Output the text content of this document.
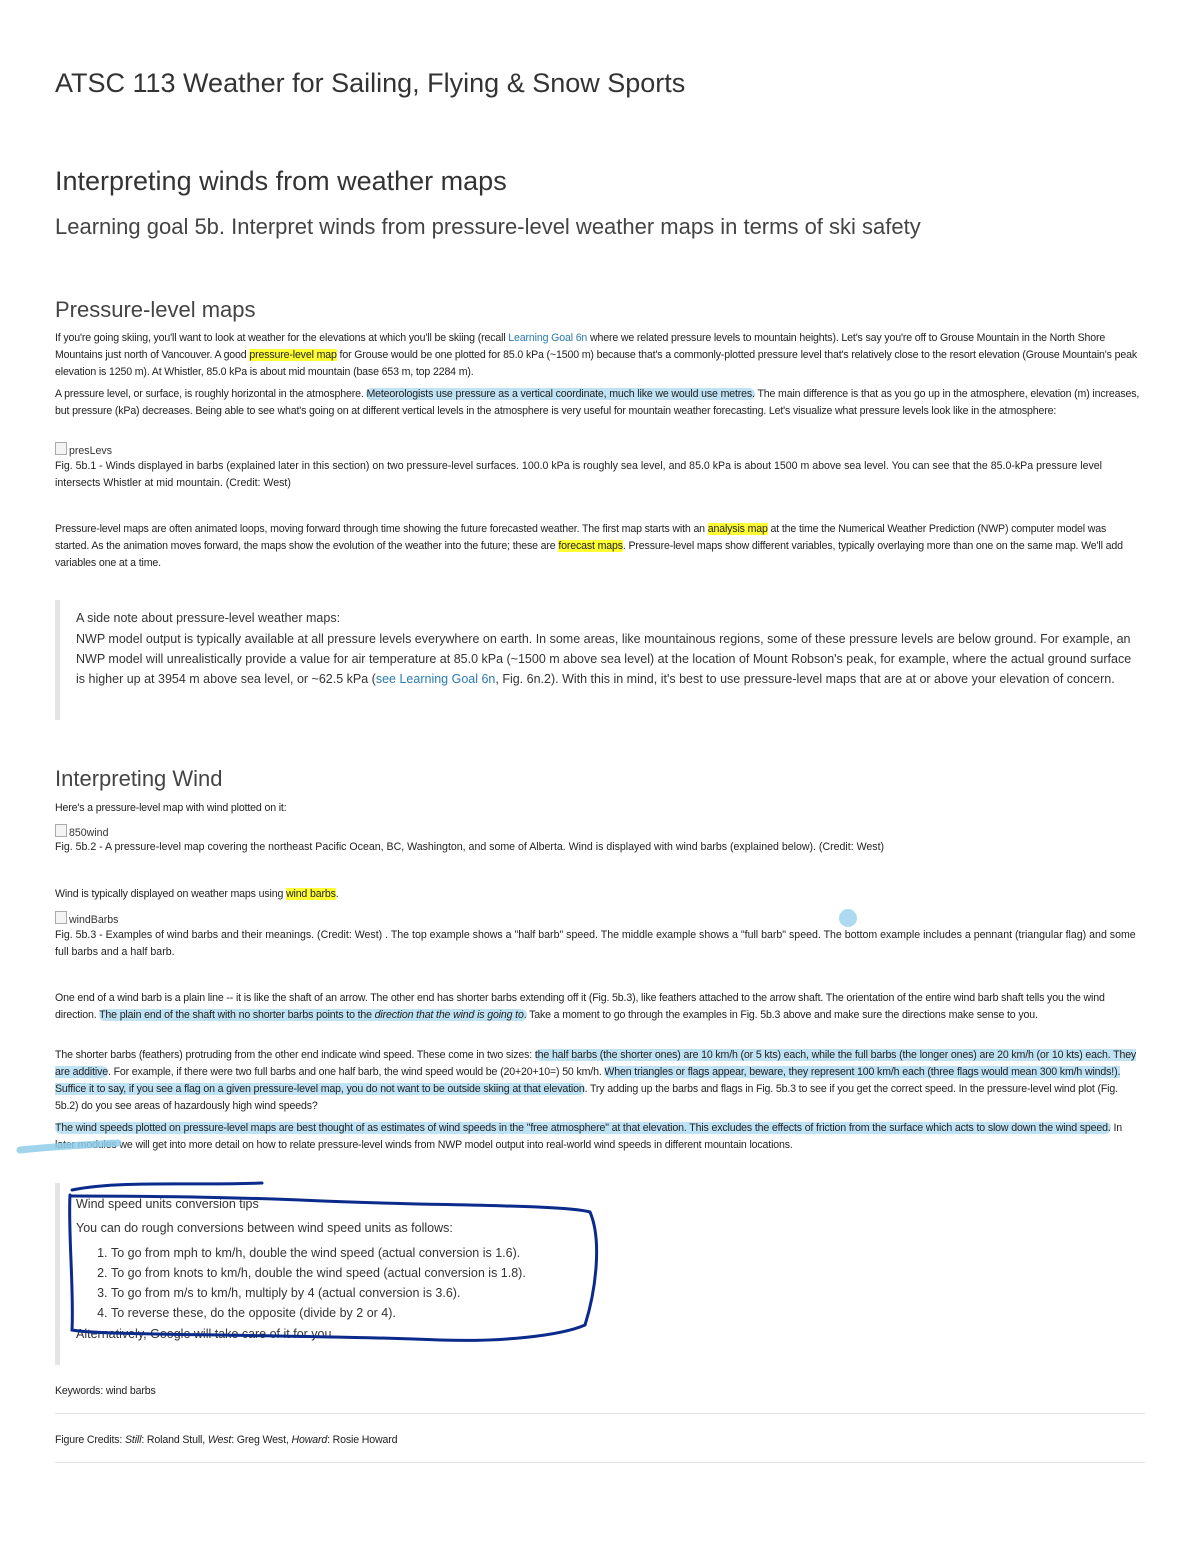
ATSC 113 Weather for Sailing, Flying & Snow Sports
Interpreting winds from weather maps
Learning goal 5b. Interpret winds from pressure-level weather maps in terms of ski safety
Pressure-level maps

If you're going skiing, you'll want to look at weather for the elevations at which you'll be skiing (recall Learning Goal 6n where we related pressure levels to mountain heights). Let's say you're off to Grouse Mountain in the North Shore Mountains just north of Vancouver. A good pressure-level map for Grouse would be one plotted for 85.0 kPa (~1500 m) because that's a commonly-plotted pressure level that's relatively close to the resort elevation (Grouse Mountain's peak elevation is 1250 m). At Whistler, 85.0 kPa is about mid mountain (base 653 m, top 2284 m).

A pressure level, or surface, is roughly horizontal in the atmosphere. Meteorologists use pressure as a vertical coordinate, much like we would use metres. The main difference is that as you go up in the atmosphere, elevation (m) increases, but pressure (kPa) decreases. Being able to see what's going on at different vertical levels in the atmosphere is very useful for mountain weather forecasting. Let's visualize what pressure levels look like in the atmosphere:

presLevs

Fig. 5b.1 - Winds displayed in barbs (explained later in this section) on two pressure-level surfaces. 100.0 kPa is roughly sea level, and 85.0 kPa is about 1500 m above sea level. You can see that the 85.0-kPa pressure level intersects Whistler at mid mountain. (Credit: West)

Pressure-level maps are often animated loops, moving forward through time showing the future forecasted weather. The first map starts with an analysis map at the time the Numerical Weather Prediction (NWP) computer model was started. As the animation moves forward, the maps show the evolution of the weather into the future; these are forecast maps. Pressure-level maps show different variables, typically overlaying more than one on the same map. We'll add variables one at a time.

A side note about pressure-level weather maps:

NWP model output is typically available at all pressure levels everywhere on earth. In some areas, like mountainous regions, some of these pressure levels are below ground. For example, an NWP model will unrealistically provide a value for air temperature at 85.0 kPa (~1500 m above sea level) at the location of Mount Robson's peak, for example, where the actual ground surface is higher up at 3954 m above sea level, or ~62.5 kPa (see Learning Goal 6n, Fig. 6n.2). With this in mind, it's best to use pressure-level maps that are at or above your elevation of concern.

Interpreting Wind

Here's a pressure-level map with wind plotted on it:

850wind

Fig. 5b.2 - A pressure-level map covering the northeast Pacific Ocean, BC, Washington, and some of Alberta. Wind is displayed with wind barbs (explained below). (Credit: West)

Wind is typically displayed on weather maps using wind barbs.

windBarbs

Fig. 5b.3 - Examples of wind barbs and their meanings. (Credit: West) . The top example shows a "half barb" speed. The middle example shows a "full barb" speed. The bottom example includes a pennant (triangular flag) and some full barbs and a half barb.

One end of a wind barb is a plain line -- it is like the shaft of an arrow. The other end has shorter barbs extending off it (Fig. 5b.3), like feathers attached to the arrow shaft. The orientation of the entire wind barb shaft tells you the wind direction. The plain end of the shaft with no shorter barbs points to the direction that the wind is going to. Take a moment to go through the examples in Fig. 5b.3 above and make sure the directions make sense to you.

The shorter barbs (feathers) protruding from the other end indicate wind speed. These come in two sizes: the half barbs (the shorter ones) are 10 km/h (or 5 kts) each, while the full barbs (the longer ones) are 20 km/h (or 10 kts) each. They are additive. For example, if there were two full barbs and one half barb, the wind speed would be (20+20+10=) 50 km/h. When triangles or flags appear, beware, they represent 100 km/h each (three flags would mean 300 km/h winds!). Suffice it to say, if you see a flag on a given pressure-level map, you do not want to be outside skiing at that elevation. Try adding up the barbs and flags in Fig. 5b.3 to see if you get the correct speed. In the pressure-level wind plot (Fig. 5b.2) do you see areas of hazardously high wind speeds?

The wind speeds plotted on pressure-level maps are best thought of as estimates of wind speeds in the "free atmosphere" at that elevation. This excludes the effects of friction from the surface which acts to slow down the wind speed. In later modules we will get into more detail on how to relate pressure-level winds from NWP model output into real-world wind speeds in different mountain locations.

Wind speed units conversion tips

You can do rough conversions between wind speed units as follows:

1. To go from mph to km/h, double the wind speed (actual conversion is 1.6).
2. To go from knots to km/h, double the wind speed (actual conversion is 1.8).
3. To go from m/s to km/h, multiply by 4 (actual conversion is 3.6).
4. To reverse these, do the opposite (divide by 2 or 4).

Alternatively, Google will take care of it for you.

Keywords: wind barbs

Figure Credits: Still: Roland Stull, West: Greg West, Howard: Rosie Howard
